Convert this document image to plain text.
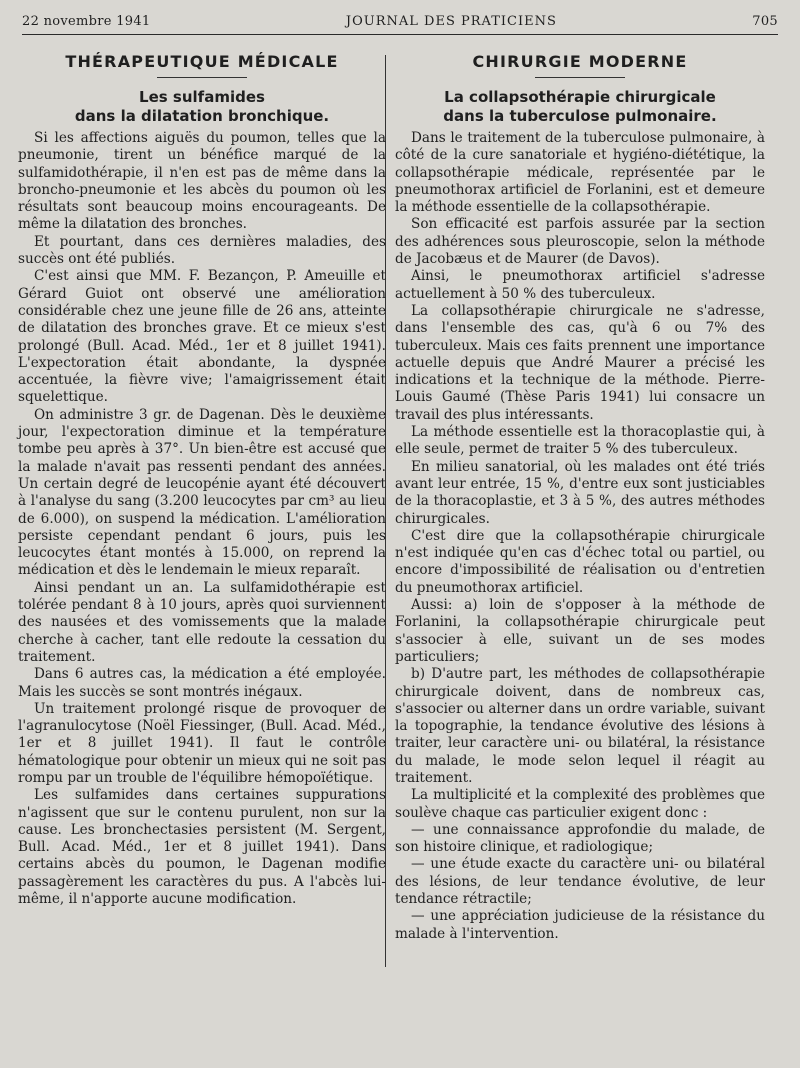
22 novembre 1941	JOURNAL DES PRATICIENS	705
THÉRAPEUTIQUE MÉDICALE
Les sulfamides
dans la dilatation bronchique.

Si les affections aiguës du poumon, telles que la pneumonie, tirent un bénéfice marqué de la sulfamidothérapie, il n'en est pas de même dans la broncho-pneumonie et les abcès du poumon où les résultats sont beaucoup moins encourageants. De même la dilatation des bronches.

Et pourtant, dans ces dernières maladies, des succès ont été publiés.

C'est ainsi que MM. F. Bezançon, P. Ameuille et Gérard Guiot ont observé une amélioration considérable chez une jeune fille de 26 ans, atteinte de dilatation des bronches grave. Et ce mieux s'est prolongé (Bull. Acad. Méd., 1er et 8 juillet 1941). L'expectoration était abondante, la dyspnée accentuée, la fièvre vive; l'amaigrissement était squelettique.

On administre 3 gr. de Dagenan. Dès le deuxième jour, l'expectoration diminue et la température tombe peu après à 37°. Un bien-être est accusé que la malade n'avait pas ressenti pendant des années. Un certain degré de leucopénie ayant été découvert à l'analyse du sang (3.200 leucocytes par cm³ au lieu de 6.000), on suspend la médication. L'amélioration persiste cependant pendant 6 jours, puis les leucocytes étant montés à 15.000, on reprend la médication et dès le lendemain le mieux reparaît.

Ainsi pendant un an. La sulfamidothérapie est tolérée pendant 8 à 10 jours, après quoi surviennent des nausées et des vomissements que la malade cherche à cacher, tant elle redoute la cessation du traitement.

Dans 6 autres cas, la médication a été employée. Mais les succès se sont montrés inégaux.

Un traitement prolongé risque de provoquer de l'agranulocytose (Noël Fiessinger, (Bull. Acad. Méd., 1er et 8 juillet 1941). Il faut le contrôle hématologique pour obtenir un mieux qui ne soit pas rompu par un trouble de l'équilibre hémopoïétique.

Les sulfamides dans certaines suppurations n'agissent que sur le contenu purulent, non sur la cause. Les bronchectasies persistent (M. Sergent, Bull. Acad. Méd., 1er et 8 juillet 1941). Dans certains abcès du poumon, le Dagenan modifie passagèrement les caractères du pus. A l'abcès lui-même, il n'apporte aucune modification.

CHIRURGIE MODERNE
La collapsothérapie chirurgicale
dans la tuberculose pulmonaire.

Dans le traitement de la tuberculose pulmonaire, à côté de la cure sanatoriale et hygiéno-diététique, la collapsothérapie médicale, représentée par le pneumothorax artificiel de Forlanini, est et demeure la méthode essentielle de la collapsothérapie.

Son efficacité est parfois assurée par la section des adhérences sous pleuroscopie, selon la méthode de Jacobæus et de Maurer (de Davos).

Ainsi, le pneumothorax artificiel s'adresse actuellement à 50 % des tuberculeux.

La collapsothérapie chirurgicale ne s'adresse, dans l'ensemble des cas, qu'à 6 ou 7% des tuberculeux. Mais ces faits prennent une importance actuelle depuis que André Maurer a précisé les indications et la technique de la méthode. Pierre-Louis Gaumé (Thèse Paris 1941) lui consacre un travail des plus intéressants.

La méthode essentielle est la thoracoplastie qui, à elle seule, permet de traiter 5 % des tuberculeux.

En milieu sanatorial, où les malades ont été triés avant leur entrée, 15 %, d'entre eux sont justiciables de la thoracoplastie, et 3 à 5 %, des autres méthodes chirurgicales.

C'est dire que la collapsothérapie chirurgicale n'est indiquée qu'en cas d'échec total ou partiel, ou encore d'impossibilité de réalisation ou d'entretien du pneumothorax artificiel.

Aussi: a) loin de s'opposer à la méthode de Forlanini, la collapsothérapie chirurgicale peut s'associer à elle, suivant un de ses modes particuliers;

b) D'autre part, les méthodes de collapsothérapie chirurgicale doivent, dans de nombreux cas, s'associer ou alterner dans un ordre variable, suivant la topographie, la tendance évolutive des lésions à traiter, leur caractère uni- ou bilatéral, la résistance du malade, le mode selon lequel il réagit au traitement.

La multiplicité et la complexité des problèmes que soulève chaque cas particulier exigent donc :

— une connaissance approfondie du malade, de son histoire clinique, et radiologique;

— une étude exacte du caractère uni- ou bilatéral des lésions, de leur tendance évolutive, de leur tendance rétractile;

— une appréciation judicieuse de la résistance du malade à l'intervention.
